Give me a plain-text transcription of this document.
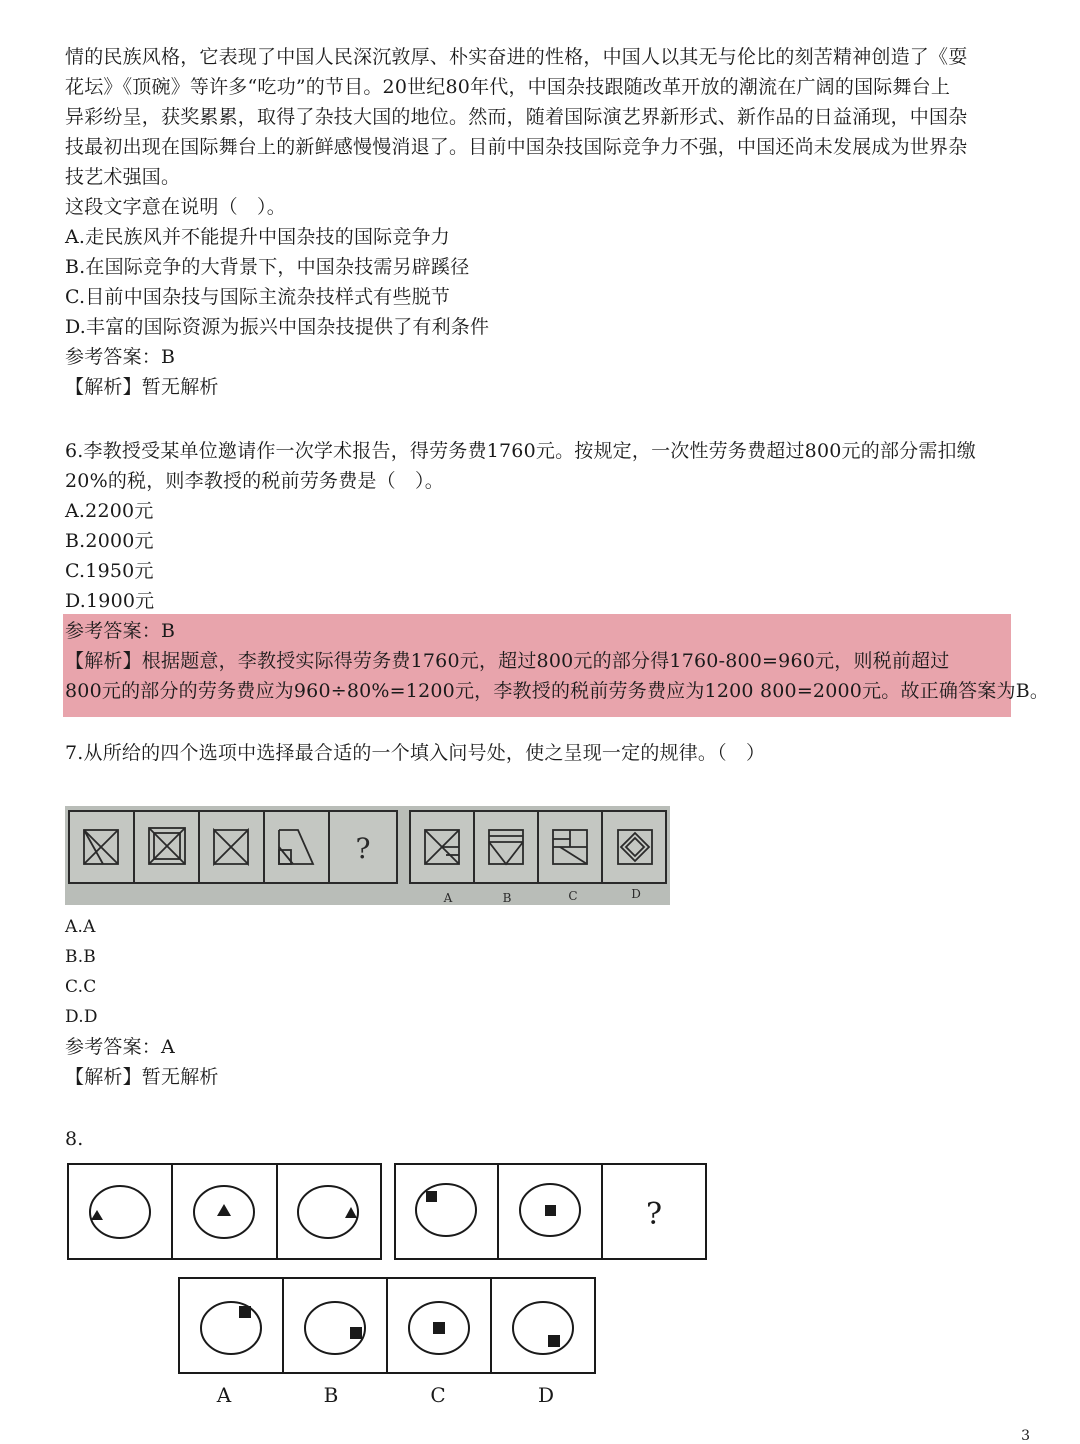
情的民族风格，它表现了中国人民深沉敦厚、朴实奋进的性格，中国人以其无与伦比的刻苦精神创造了《耍
花坛》《顶碗》等许多“吃功”的节目。20世纪80年代，中国杂技跟随改革开放的潮流在广阔的国际舞台上
异彩纷呈，获奖累累，取得了杂技大国的地位。然而，随着国际演艺界新形式、新作品的日益涌现，中国杂
技最初出现在国际舞台上的新鲜感慢慢消退了。目前中国杂技国际竞争力不强，中国还尚未发展成为世界杂
技艺术强国。
这段文字意在说明（　）。
A.走民族风并不能提升中国杂技的国际竞争力
B.在国际竞争的大背景下，中国杂技需另辟蹊径
C.目前中国杂技与国际主流杂技样式有些脱节
D.丰富的国际资源为振兴中国杂技提供了有利条件
参考答案：B
【解析】暂无解析
6.李教授受某单位邀请作一次学术报告，得劳务费1760元。按规定，一次性劳务费超过800元的部分需扣缴
20%的税，则李教授的税前劳务费是（　）。
A.2200元
B.2000元
C.1950元
D.1900元
参考答案：B
【解析】根据题意，李教授实际得劳务费1760元，超过800元的部分得1760-800=960元，则税前超过
800元的部分的劳务费应为960÷80%=1200元，李教授的税前劳务费应为1200 800=2000元。故正确答案为B。
7.从所给的四个选项中选择最合适的一个填入问号处，使之呈现一定的规律。（　）
?
A	B	C	D
A.A
B.B
C.C
D.D
参考答案：A
【解析】暂无解析
8.
?
A	B	C	D
3
